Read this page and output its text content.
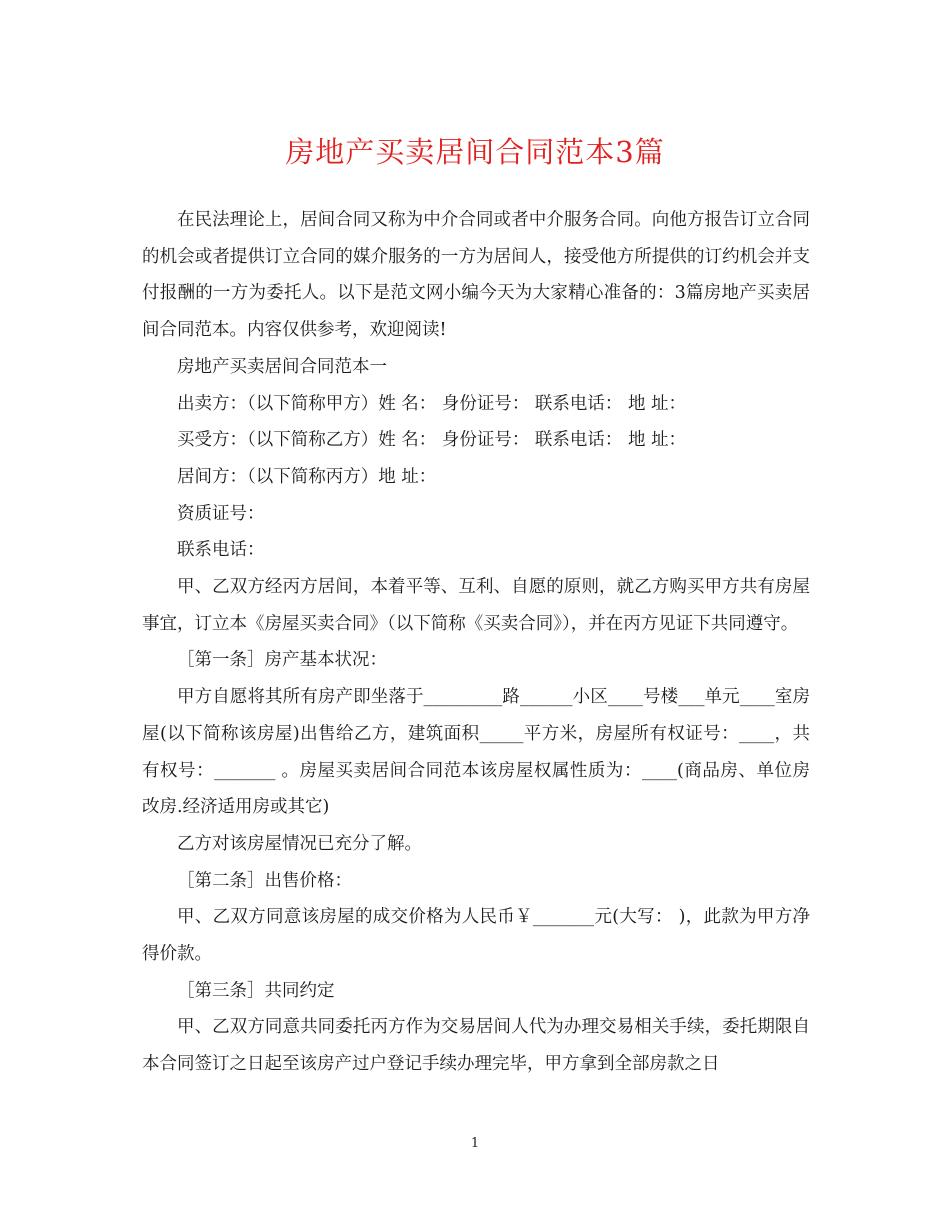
房地产买卖居间合同范本3篇

在民法理论上，居间合同又称为中介合同或者中介服务合同。向他方报告订立合同的机会或者提供订立合同的媒介服务的一方为居间人，接受他方所提供的订约机会并支付报酬的一方为委托人。以下是范文网小编今天为大家精心准备的：3篇房地产买卖居间合同范本。内容仅供参考，欢迎阅读!

房地产买卖居间合同范本一

出卖方：（以下简称甲方）姓 名： 身份证号： 联系电话： 地 址：

买受方：（以下简称乙方）姓 名： 身份证号： 联系电话： 地 址：

居间方：（以下简称丙方）地 址：

资质证号：

联系电话：

甲、乙双方经丙方居间，本着平等、互利、自愿的原则，就乙方购买甲方共有房屋事宜，订立本《房屋买卖合同》（以下简称《买卖合同》），并在丙方见证下共同遵守。

［第一条］房产基本状况：

甲方自愿将其所有房产即坐落于_________路______小区____号楼___单元____室房屋(以下简称该房屋)出售给乙方，建筑面积_____平方米，房屋所有权证号：____，共有权号：_______ 。房屋买卖居间合同范本该房屋权属性质为：____(商品房、单位房改房.经济适用房或其它)

乙方对该房屋情况已充分了解。

［第二条］出售价格：

甲、乙双方同意该房屋的成交价格为人民币￥_______元(大写： )，此款为甲方净得价款。

［第三条］共同约定

甲、乙双方同意共同委托丙方作为交易居间人代为办理交易相关手续，委托期限自本合同签订之日起至该房产过户登记手续办理完毕，甲方拿到全部房款之日

1
